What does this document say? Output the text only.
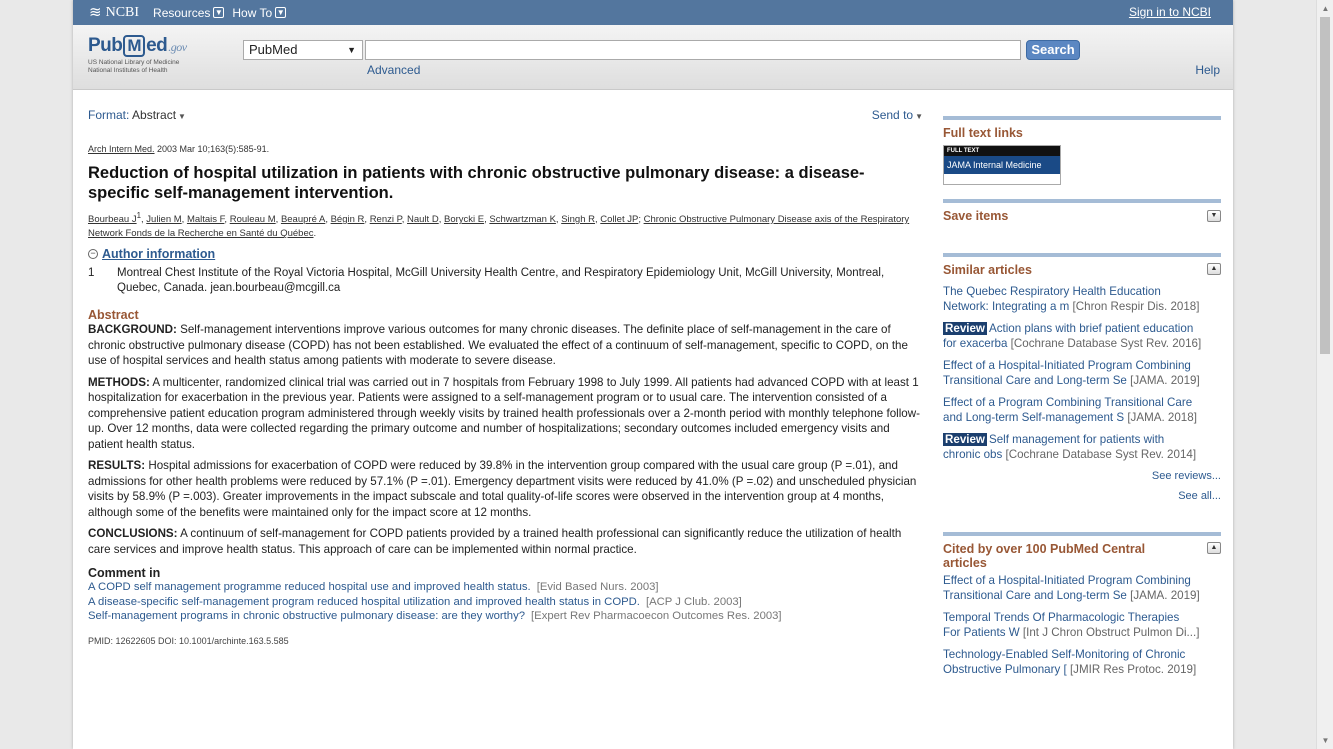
≋ NCBI Resources ▼ How To ▼	Sign in to NCBI
Pub M ed .gov
US National Library of Medicine
National Institutes of Health
PubMed	▼	Search
Advanced	Help
Format: Abstract ▼	Send to ▼
Arch Intern Med. 2003 Mar 10;163(5):585-91.
Reduction of hospital utilization in patients with chronic obstructive pulmonary disease: a disease-specific self-management intervention.
Bourbeau $J^1$, Julien M, Maltais F, Rouleau M, Beaupré A, Bégin R, Renzi P, Nault D, Borycki E, Schwartzman K, Singh R, Collet JP; Chronic Obstructive Pulmonary Disease axis of the Respiratory Network Fonds de la Recherche en Santé du Québec.
− Author information
1	Montreal Chest Institute of the Royal Victoria Hospital, McGill University Health Centre, and Respiratory Epidemiology Unit, McGill University, Montreal, Quebec, Canada. jean.bourbeau@mcgill.ca
Abstract
BACKGROUND: Self-management interventions improve various outcomes for many chronic diseases. The definite place of self-management in the care of chronic obstructive pulmonary disease (COPD) has not been established. We evaluated the effect of a continuum of self-management, specific to COPD, on the use of hospital services and health status among patients with moderate to severe disease.
METHODS: A multicenter, randomized clinical trial was carried out in 7 hospitals from February 1998 to July 1999. All patients had advanced COPD with at least 1 hospitalization for exacerbation in the previous year. Patients were assigned to a self-management program or to usual care. The intervention consisted of a comprehensive patient education program administered through weekly visits by trained health professionals over a 2-month period with monthly telephone follow-up. Over 12 months, data were collected regarding the primary outcome and number of hospitalizations; secondary outcomes included emergency visits and patient health status.
RESULTS: Hospital admissions for exacerbation of COPD were reduced by 39.8% in the intervention group compared with the usual care group (P =.01), and admissions for other health problems were reduced by 57.1% (P =.01). Emergency department visits were reduced by 41.0% (P =.02) and unscheduled physician visits by 58.9% (P =.003). Greater improvements in the impact subscale and total quality-of-life scores were observed in the intervention group at 4 months, although some of the benefits were maintained only for the impact score at 12 months.
CONCLUSIONS: A continuum of self-management for COPD patients provided by a trained health professional can significantly reduce the utilization of health care services and improve health status. This approach of care can be implemented within normal practice.
Comment in
A COPD self management programme reduced hospital use and improved health status. [Evid Based Nurs. 2003]
A disease-specific self-management program reduced hospital utilization and improved health status in COPD. [ACP J Club. 2003]
Self-management programs in chronic obstructive pulmonary disease: are they worthy? [Expert Rev Pharmacoecon Outcomes Res. 2003]
PMID: 12622605 DOI: 10.1001/archinte.163.5.585
Full text links
FULL TEXT
JAMA Internal Medicine
Save items	▼
Similar articles	▲
The Quebec Respiratory Health Education
Network: Integrating a m [Chron Respir Dis. 2018]
Review Action plans with brief patient education
for exacerba [Cochrane Database Syst Rev. 2016]
Effect of a Hospital-Initiated Program Combining
Transitional Care and Long-term Se [JAMA. 2019]
Effect of a Program Combining Transitional Care
and Long-term Self-management S [JAMA. 2018]
Review Self management for patients with
chronic obs [Cochrane Database Syst Rev. 2014]
See reviews...
See all...
Cited by over 100 PubMed Central
articles
▲
Effect of a Hospital-Initiated Program Combining
Transitional Care and Long-term Se [JAMA. 2019]
Temporal Trends Of Pharmacologic Therapies
For Patients W [Int J Chron Obstruct Pulmon Di...]
Technology-Enabled Self-Monitoring of Chronic
Obstructive Pulmonary [ [JMIR Res Protoc. 2019]
▲
▼
